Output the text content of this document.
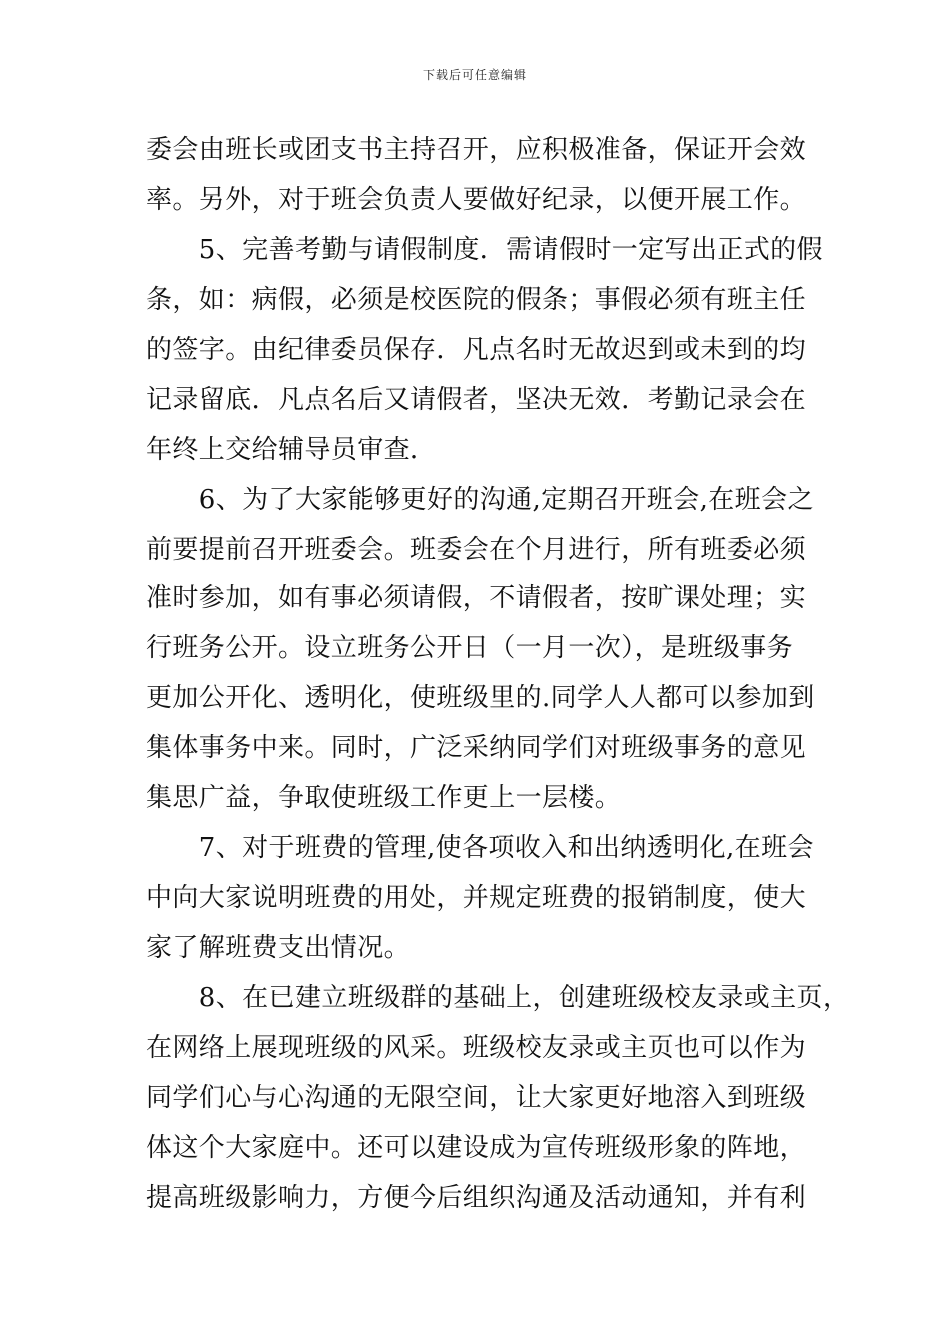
下载后可任意编辑
委会由班长或团支书主持召开，应积极准备，保证开会效
率。另外，对于班会负责人要做好纪录，以便开展工作。
　　5、完善考勤与请假制度．需请假时一定写出正式的假
条，如：病假，必须是校医院的假条；事假必须有班主任
的签字。由纪律委员保存．凡点名时无故迟到或未到的均
记录留底．凡点名后又请假者，坚决无效．考勤记录会在
年终上交给辅导员审查．
　　6、为了大家能够更好的沟通,定期召开班会,在班会之
前要提前召开班委会。班委会在个月进行，所有班委必须
准时参加，如有事必须请假，不请假者，按旷课处理；实
行班务公开。设立班务公开日（一月一次），是班级事务
更加公开化、透明化，使班级里的.同学人人都可以参加到
集体事务中来。同时，广泛采纳同学们对班级事务的意见
集思广益，争取使班级工作更上一层楼。
　　7、对于班费的管理,使各项收入和出纳透明化,在班会
中向大家说明班费的用处，并规定班费的报销制度，使大
家了解班费支出情况。
　　8、在已建立班级群的基础上，创建班级校友录或主页，
在网络上展现班级的风采。班级校友录或主页也可以作为
同学们心与心沟通的无限空间，让大家更好地溶入到班级
体这个大家庭中。还可以建设成为宣传班级形象的阵地，
提高班级影响力，方便今后组织沟通及活动通知，并有利
